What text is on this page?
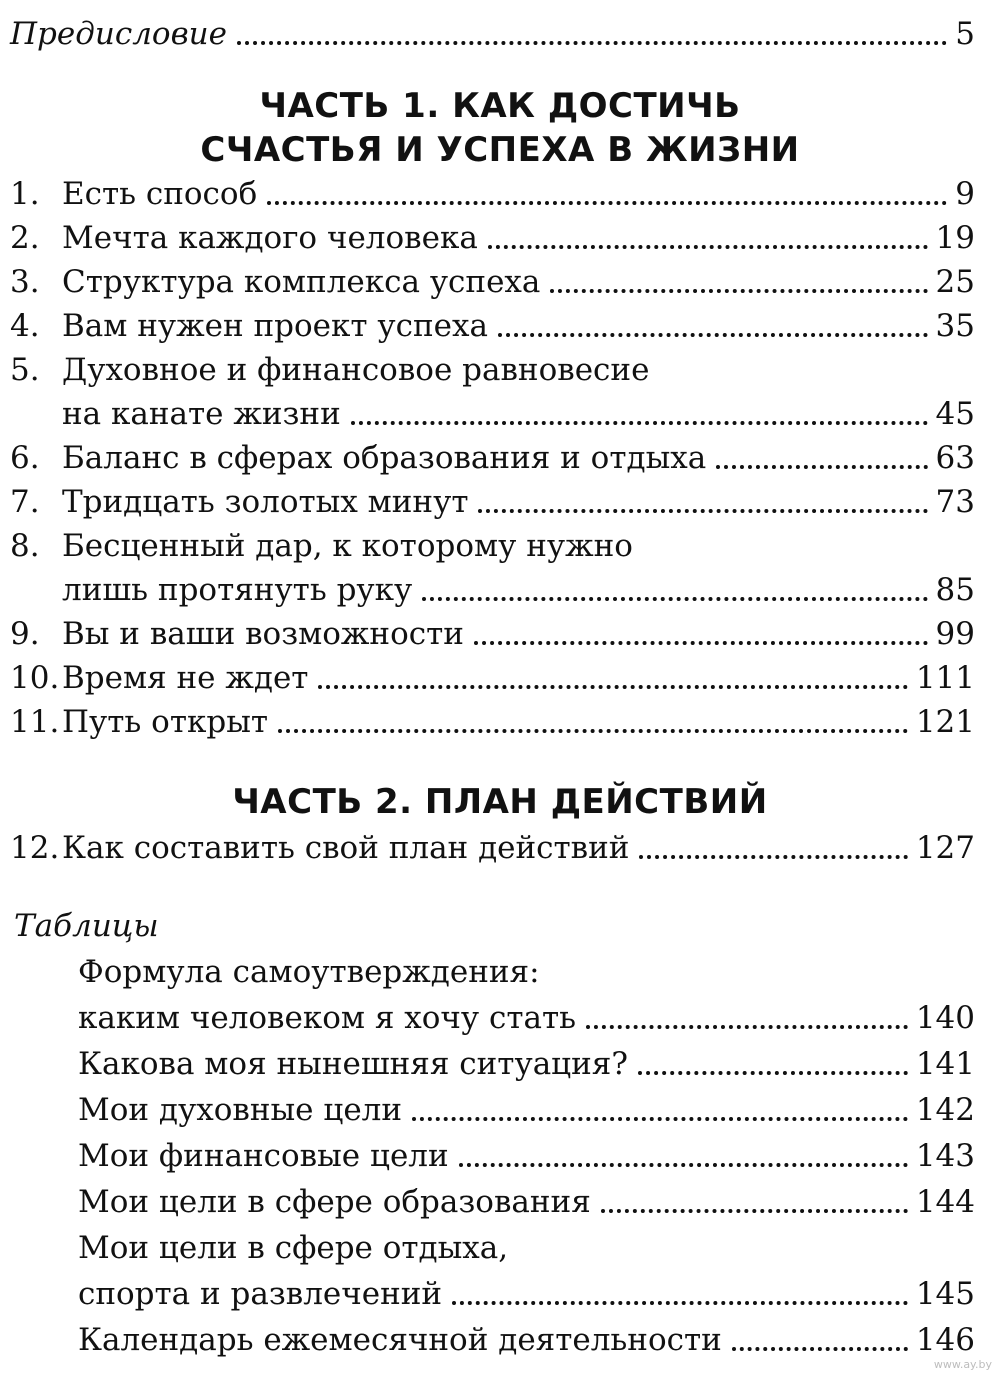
Предисловие	5
ЧАСТЬ 1. КАК ДОСТИЧЬ
СЧАСТЬЯ И УСПЕХА В ЖИЗНИ
1. Есть способ	9
2. Мечта каждого человека	19
3. Структура комплекса успеха	25
4. Вам нужен проект успеха	35
5. Духовное и финансовое равновесие
на канате жизни	45
6. Баланс в сферах образования и отдыха	63
7. Тридцать золотых минут	73
8. Бесценный дар, к которому нужно
лишь протянуть руку	85
9. Вы и ваши возможности	99
10. Время не ждет	111
11. Путь открыт	121
ЧАСТЬ 2. ПЛАН ДЕЙСТВИЙ
12. Как составить свой план действий	127
Таблицы
Формула самоутверждения:
каким человеком я хочу стать	140
Какова моя нынешняя ситуация?	141
Мои духовные цели	142
Мои финансовые цели	143
Мои цели в сфере образования	144
Мои цели в сфере отдыха,
спорта и развлечений	145
Календарь ежемесячной деятельности	146
www.ay.by
